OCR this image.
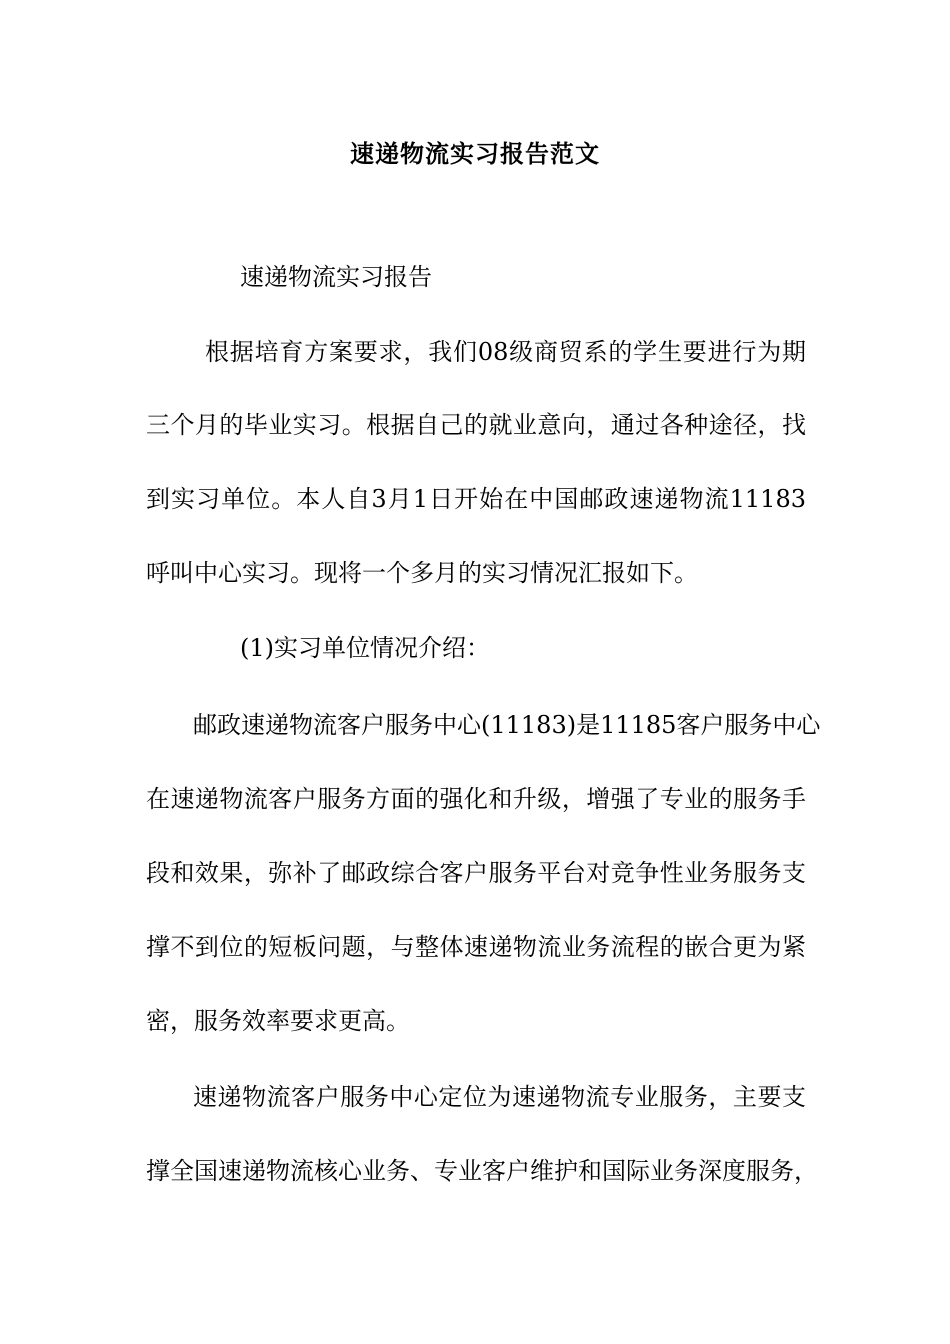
速递物流实习报告范文
速递物流实习报告
根据培育方案要求，我们08级商贸系的学生要进行为期
三个月的毕业实习。根据自己的就业意向，通过各种途径，找
到实习单位。本人自3月1日开始在中国邮政速递物流11183
呼叫中心实习。现将一个多月的实习情况汇报如下。
(1)实习单位情况介绍：
邮政速递物流客户服务中心(11183)是11185客户服务中心
在速递物流客户服务方面的强化和升级，增强了专业的服务手
段和效果，弥补了邮政综合客户服务平台对竞争性业务服务支
撑不到位的短板问题，与整体速递物流业务流程的嵌合更为紧
密，服务效率要求更高。
速递物流客户服务中心定位为速递物流专业服务，主要支
撑全国速递物流核心业务、专业客户维护和国际业务深度服务，
